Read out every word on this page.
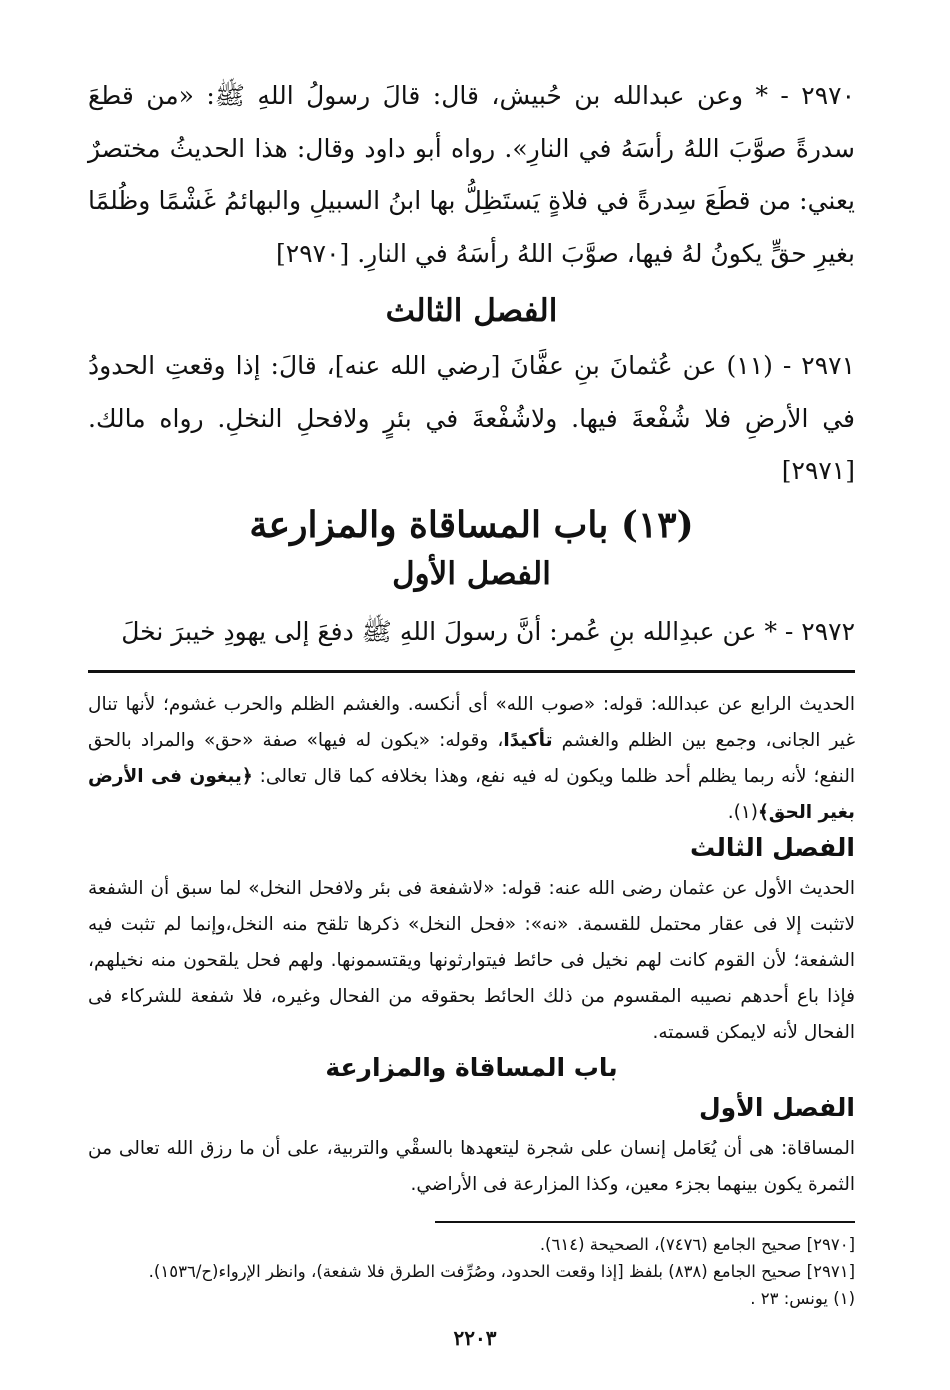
٢٩٧٠ - * وعن عبدالله بن حُبيش، قال: قالَ رسولُ اللهِ ﷺ: «من قطعَ سدرةً صوَّبَ اللهُ رأسَهُ في النارِ». رواه أبو داود وقال: هذا الحديثُ مختصرٌ يعني: من قطَعَ سِدرةً في فلاةٍ يَستَظِلُّ بها ابنُ السبيلِ والبهائمُ غَشْمًا وظُلمًا بغيرِ حقٍّ يكونُ لهُ فيها، صوَّبَ اللهُ رأسَهُ في النارِ. [٢٩٧٠]

الفصل الثالث

٢٩٧١ - (١١) عن عُثمانَ بنِ عفَّانَ [رضي الله عنه]، قالَ: إذا وقعتِ الحدودُ في الأرضِ فلا شُفْعةَ فيها. ولاشُفْعةَ في بئرٍ ولافحلِ النخلِ. رواه مالك. [٢٩٧١]

(١٣) باب المساقاة والمزارعة
الفصل الأول

٢٩٧٢ - * عن عبدِالله بنِ عُمر: أنَّ رسولَ اللهِ ﷺ دفعَ إلى يهودِ خيبرَ نخلَ

الحديث الرابع عن عبدالله: قوله: «صوب الله» أى أنكسه. والغشم الظلم والحرب غشوم؛ لأنها تنال غير الجانى، وجمع بين الظلم والغشم تأكيدًا، وقوله: «يكون له فيها» صفة «حق» والمراد بالحق النفع؛ لأنه ربما يظلم أحد ظلما ويكون له فيه نفع، وهذا بخلافه كما قال تعالى: ﴿يبغون فى الأرض بغير الحق﴾(١).

الفصل الثالث

الحديث الأول عن عثمان رضى الله عنه: قوله: «لاشفعة فى بئر ولافحل النخل» لما سبق أن الشفعة لاتثبت إلا فى عقار محتمل للقسمة. «نه»: «فحل النخل» ذكرها تلقح منه النخل،وإنما لم تثبت فيه الشفعة؛ لأن القوم كانت لهم نخيل فى حائط فيتوارثونها ويقتسمونها. ولهم فحل يلقحون منه نخيلهم، فإذا باع أحدهم نصيبه المقسوم من ذلك الحائط بحقوقه من الفحال وغيره، فلا شفعة للشركاء فى الفحال لأنه لايمكن قسمته.

باب المساقاة والمزارعة
الفصل الأول

المساقاة: هى أن يُعَامل إنسان على شجرة ليتعهدها بالسقْي والتربية، على أن ما رزق الله تعالى من الثمرة يكون بينهما بجزء معين، وكذا المزارعة فى الأراضي.

[٢٩٧٠] صحيح الجامع (٧٤٧٦)، الصحيحة (٦١٤).

[٢٩٧١] صحيح الجامع (٨٣٨) بلفظ [إذا وقعت الحدود، وصُرِّفت الطرق فلا شفعة)، وانظر الإرواء(ح/١٥٣٦).

(١) يونس: ٢٣ .

٢٢٠٣
